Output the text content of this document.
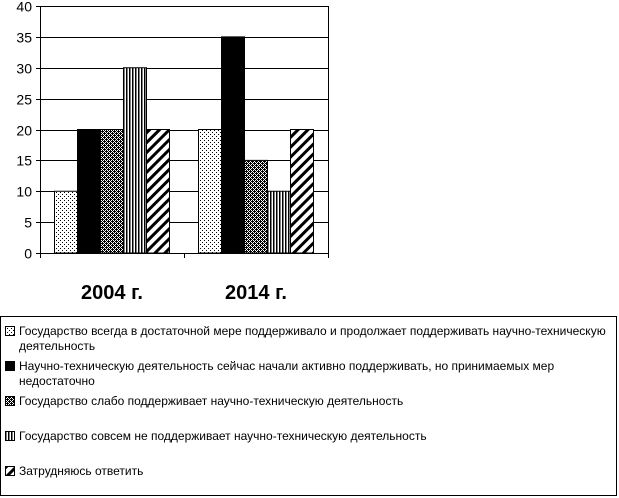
0
5
10
15
20
25
30
35
40
2004 г.	2014 г.
Государство всегда в достаточной мере поддерживало и продолжает поддерживать научно-техническую деятельность
Научно-техническую деятельность сейчас начали активно поддерживать, но принимаемых мер недостаточно
Государство слабо поддерживает научно-техническую деятельность
Государство совсем не поддерживает научно-техническую деятельность
Затрудняюсь ответить
